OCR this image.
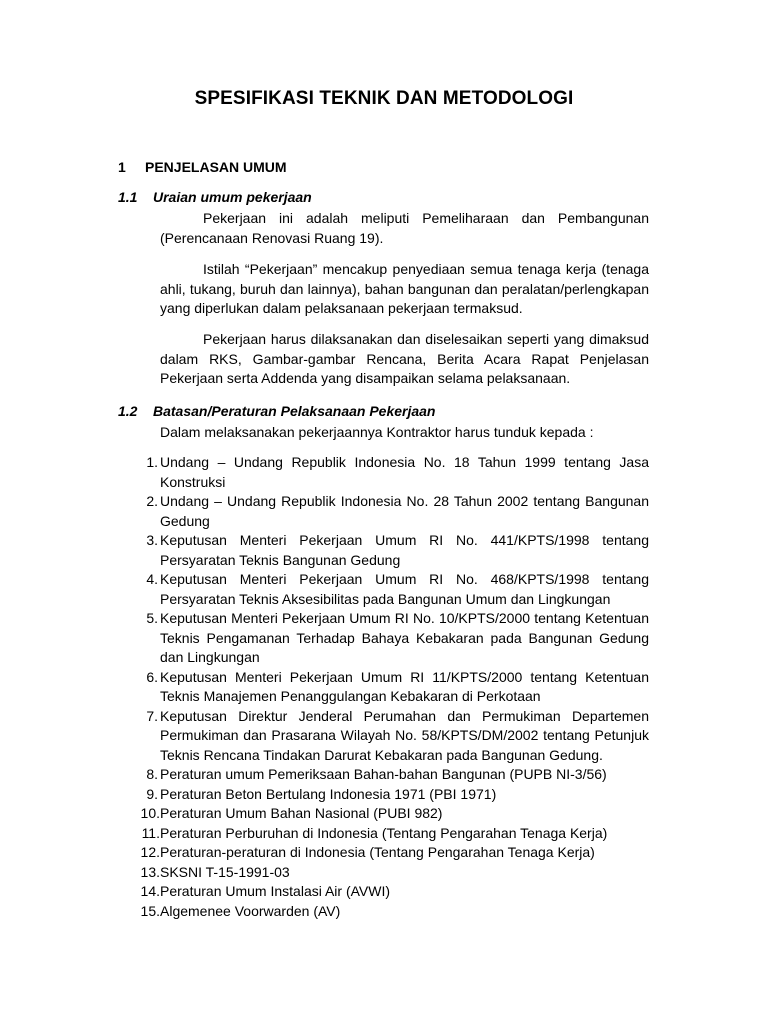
SPESIFIKASI TEKNIK DAN METODOLOGI
1 PENJELASAN UMUM
1.1 Uraian umum pekerjaan

Pekerjaan ini adalah meliputi Pemeliharaan dan Pembangunan (Perencanaan Renovasi Ruang 19).

Istilah “Pekerjaan” mencakup penyediaan semua tenaga kerja (tenaga ahli, tukang, buruh dan lainnya), bahan bangunan dan peralatan/perlengkapan yang diperlukan dalam pelaksanaan pekerjaan termaksud.

Pekerjaan harus dilaksanakan dan diselesaikan seperti yang dimaksud dalam RKS, Gambar-gambar Rencana, Berita Acara Rapat Penjelasan Pekerjaan serta Addenda yang disampaikan selama pelaksanaan.

1.2 Batasan/Peraturan Pelaksanaan Pekerjaan

Dalam melaksanakan pekerjaannya Kontraktor harus tunduk kepada :

1. Undang – Undang Republik Indonesia No. 18 Tahun 1999 tentang Jasa Konstruksi
2. Undang – Undang Republik Indonesia No. 28 Tahun 2002 tentang Bangunan Gedung
3. Keputusan Menteri Pekerjaan Umum RI No. 441/KPTS/1998 tentang Persyaratan Teknis Bangunan Gedung
4. Keputusan Menteri Pekerjaan Umum RI No. 468/KPTS/1998 tentang Persyaratan Teknis Aksesibilitas pada Bangunan Umum dan Lingkungan
5. Keputusan Menteri Pekerjaan Umum RI No. 10/KPTS/2000 tentang Ketentuan Teknis Pengamanan Terhadap Bahaya Kebakaran pada Bangunan Gedung dan Lingkungan
6. Keputusan Menteri Pekerjaan Umum RI 11/KPTS/2000 tentang Ketentuan Teknis Manajemen Penanggulangan Kebakaran di Perkotaan
7. Keputusan Direktur Jenderal Perumahan dan Permukiman Departemen Permukiman dan Prasarana Wilayah No. 58/KPTS/DM/2002 tentang Petunjuk Teknis Rencana Tindakan Darurat Kebakaran pada Bangunan Gedung.
8. Peraturan umum Pemeriksaan Bahan-bahan Bangunan (PUPB NI-3/56)
9. Peraturan Beton Bertulang Indonesia 1971 (PBI 1971)
10. Peraturan Umum Bahan Nasional (PUBI 982)
11. Peraturan Perburuhan di Indonesia (Tentang Pengarahan Tenaga Kerja)
12. Peraturan-peraturan di Indonesia (Tentang Pengarahan Tenaga Kerja)
13. SKSNI T-15-1991-03
14. Peraturan Umum Instalasi Air (AVWI)
15. Algemenee Voorwarden (AV)
